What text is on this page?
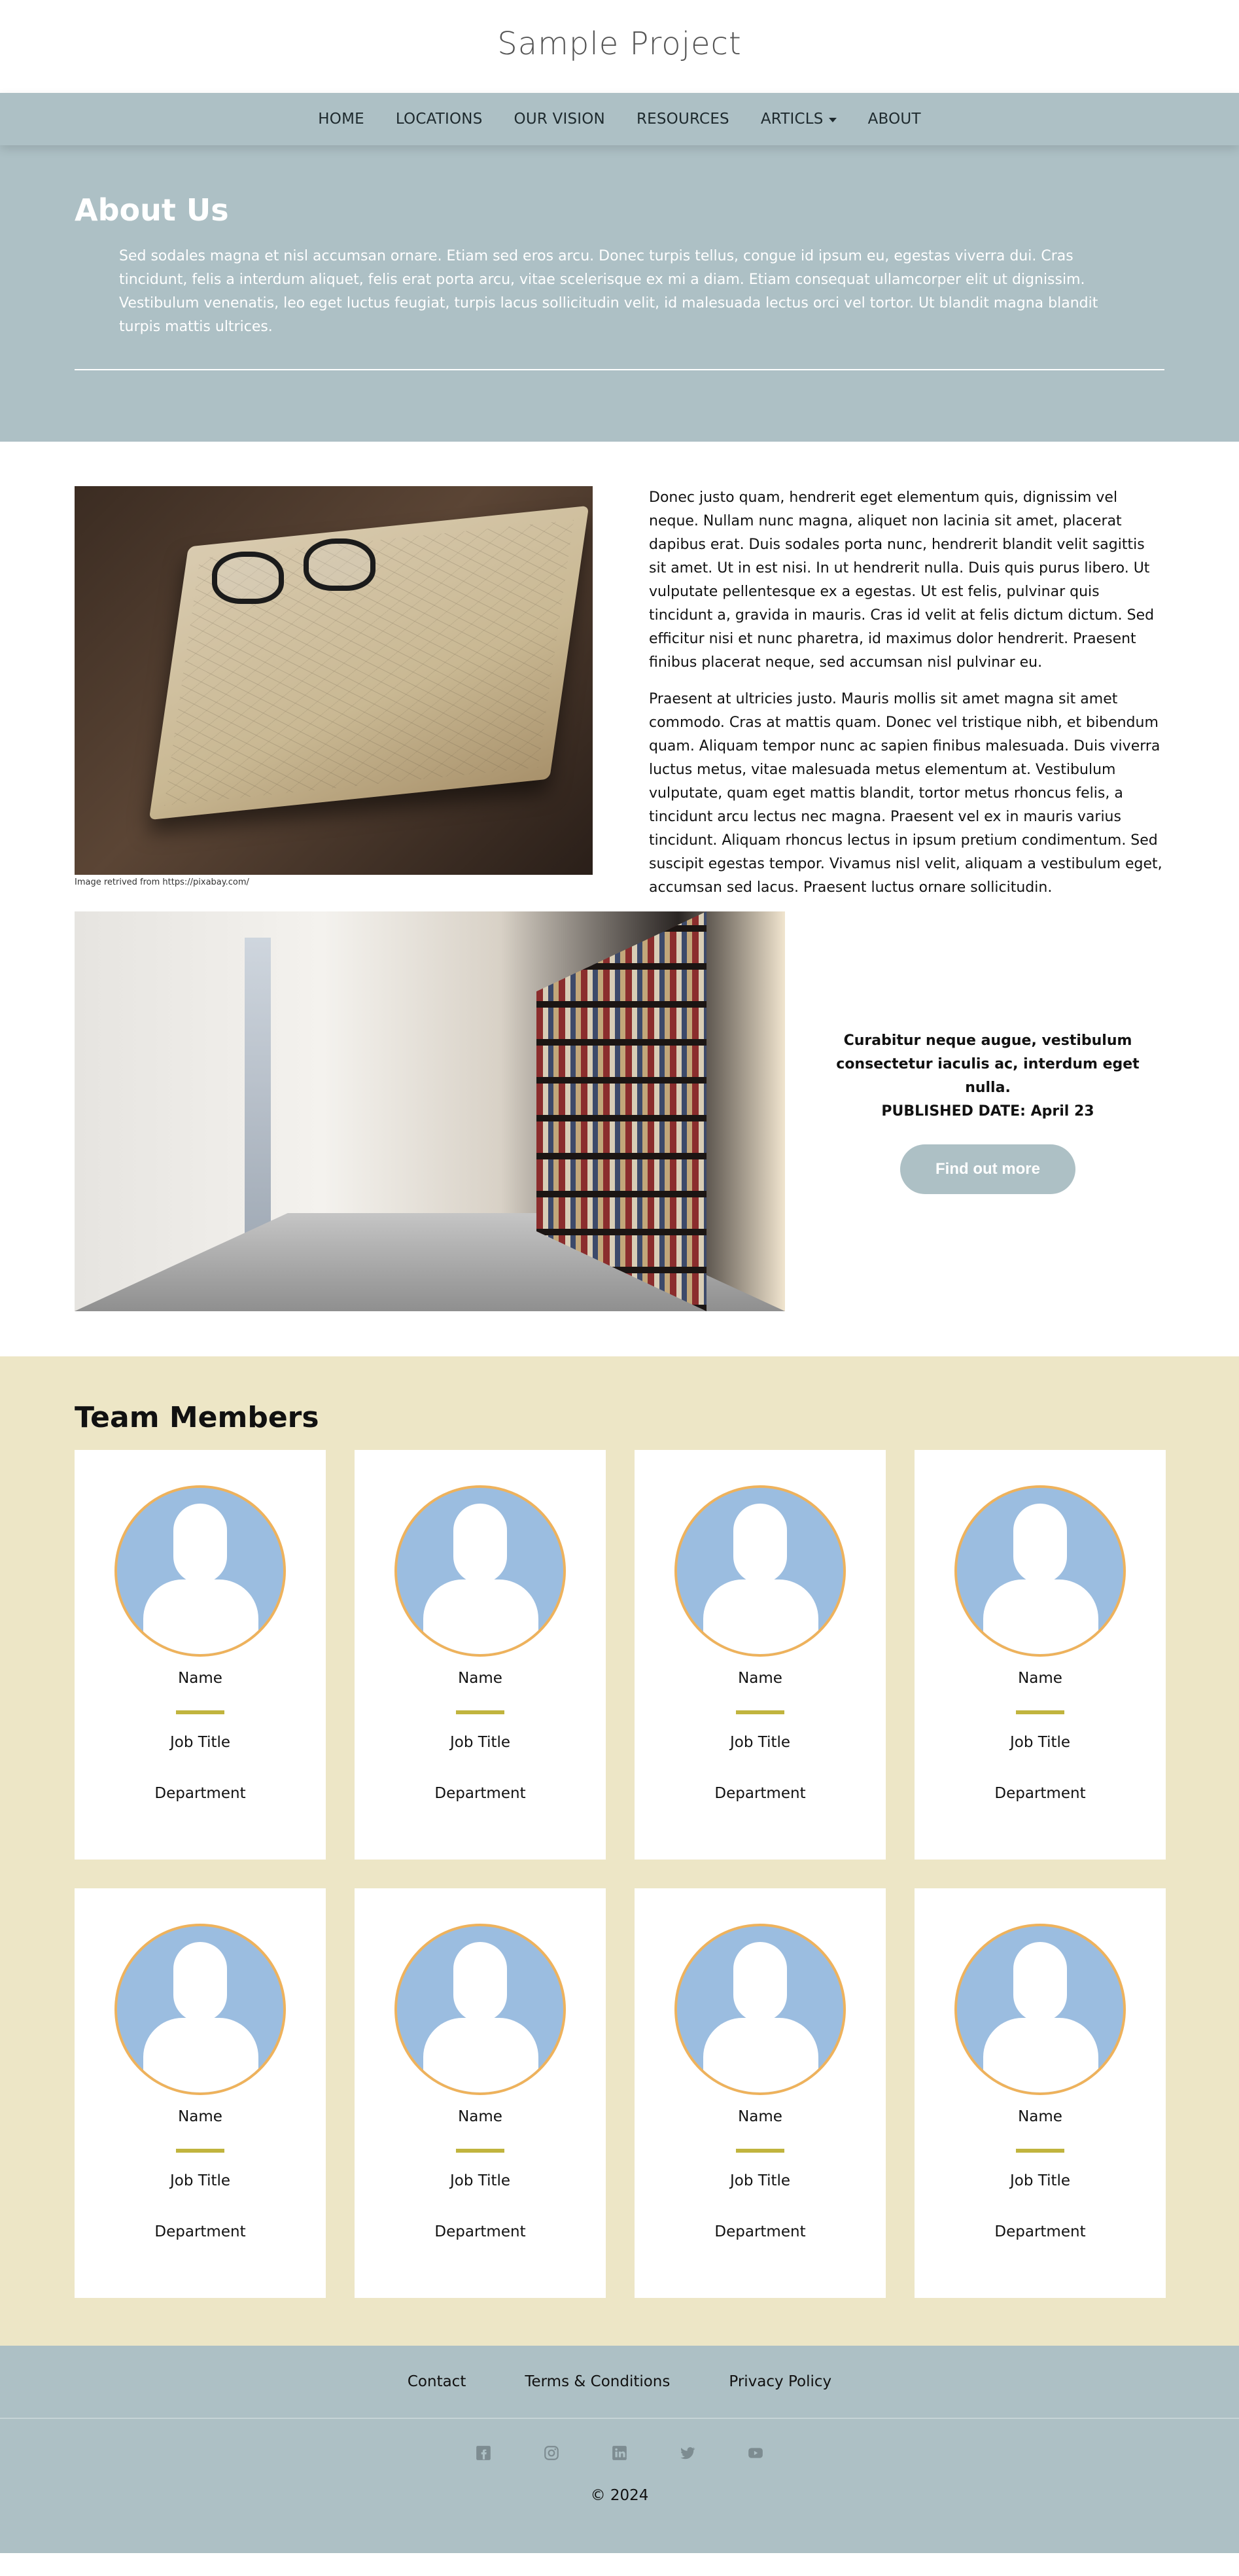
Sample Project
HOME LOCATIONS OUR VISION RESOURCES ARTICLS	ABOUT
About Us

Sed sodales magna et nisl accumsan ornare. Etiam sed eros arcu. Donec turpis tellus, congue id ipsum eu, egestas viverra dui. Cras tincidunt, felis a interdum aliquet, felis erat porta arcu, vitae scelerisque ex mi a diam. Etiam consequat ullamcorper elit ut dignissim. Vestibulum venenatis, leo eget luctus feugiat, turpis lacus sollicitudin velit, id malesuada lectus orci vel tortor. Ut blandit magna blandit turpis mattis ultrices.

Image retrived from https://pixabay.com/

Donec justo quam, hendrerit eget elementum quis, dignissim vel neque. Nullam nunc magna, aliquet non lacinia sit amet, placerat dapibus erat. Duis sodales porta nunc, hendrerit blandit velit sagittis sit amet. Ut in est nisi. In ut hendrerit nulla. Duis quis purus libero. Ut vulputate pellentesque ex a egestas. Ut est felis, pulvinar quis tincidunt a, gravida in mauris. Cras id velit at felis dictum dictum. Sed efficitur nisi et nunc pharetra, id maximus dolor hendrerit. Praesent finibus placerat neque, sed accumsan nisl pulvinar eu.

Praesent at ultricies justo. Mauris mollis sit amet magna sit amet commodo. Cras at mattis quam. Donec vel tristique nibh, et bibendum quam. Aliquam tempor nunc ac sapien finibus malesuada. Duis viverra luctus metus, vitae malesuada metus elementum at. Vestibulum vulputate, quam eget mattis blandit, tortor metus rhoncus felis, a tincidunt arcu lectus nec magna. Praesent vel ex in mauris varius tincidunt. Aliquam rhoncus lectus in ipsum pretium condimentum. Sed suscipit egestas tempor. Vivamus nisl velit, aliquam a vestibulum eget, accumsan sed lacus. Praesent luctus ornare sollicitudin.

Curabitur neque augue, vestibulum consectetur iaculis ac, interdum eget nulla.
PUBLISHED DATE: April 23
Find out more
Team Members
Name
Job Title
Department
Name
Job Title
Department
Name
Job Title
Department
Name
Job Title
Department
Name
Job Title
Department
Name
Job Title
Department
Name
Job Title
Department
Name
Job Title
Department
Contact	Terms & Conditions	Privacy Policy
© 2024
